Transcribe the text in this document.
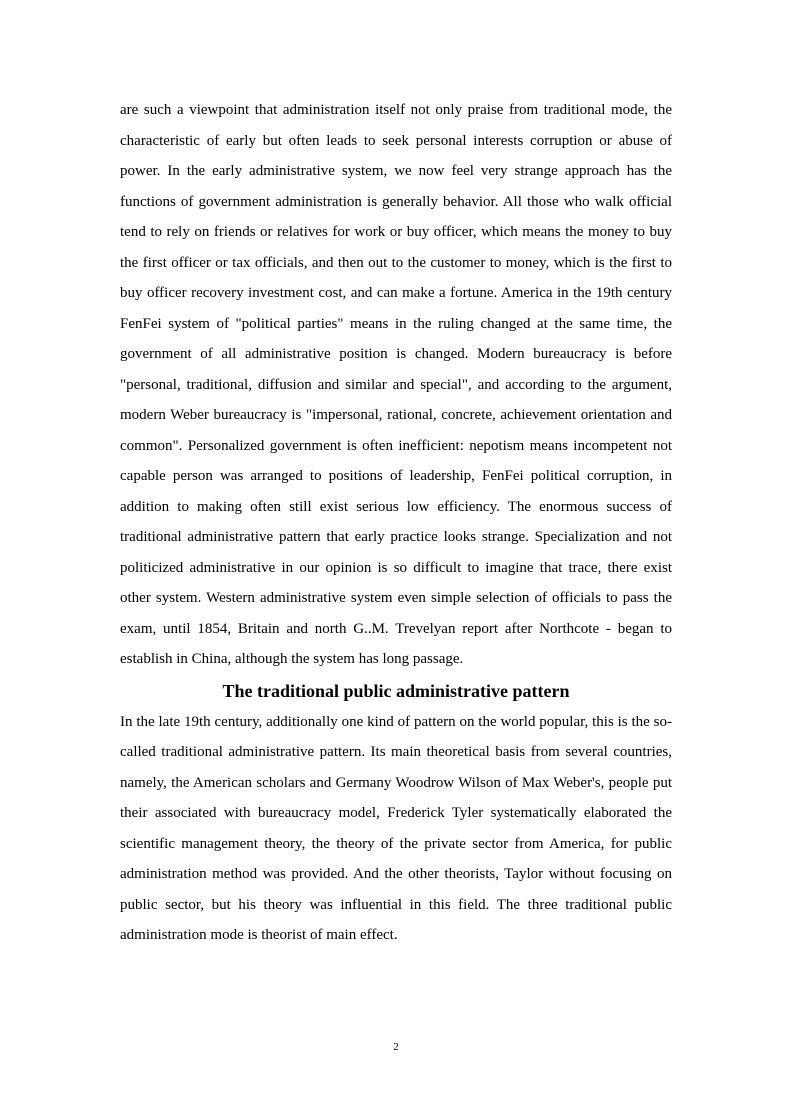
are such a viewpoint that administration itself not only praise from traditional mode, the characteristic of early but often leads to seek personal interests corruption or abuse of power. In the early administrative system, we now feel very strange approach has the functions of government administration is generally behavior. All those who walk official tend to rely on friends or relatives for work or buy officer, which means the money to buy the first officer or tax officials, and then out to the customer to money, which is the first to buy officer recovery investment cost, and can make a fortune. America in the 19th century FenFei system of "political parties" means in the ruling changed at the same time, the government of all administrative position is changed. Modern bureaucracy is before "personal, traditional, diffusion and similar and special", and according to the argument, modern Weber bureaucracy is "impersonal, rational, concrete, achievement orientation and common". Personalized government is often inefficient: nepotism means incompetent not capable person was arranged to positions of leadership, FenFei political corruption, in addition to making often still exist serious low efficiency. The enormous success of traditional administrative pattern that early practice looks strange. Specialization and not politicized administrative in our opinion is so difficult to imagine that trace, there exist other system. Western administrative system even simple selection of officials to pass the exam, until 1854, Britain and north G..M. Trevelyan report after Northcote - began to establish in China, although the system has long passage.

The traditional public administrative pattern

In the late 19th century, additionally one kind of pattern on the world popular, this is the so-called traditional administrative pattern. Its main theoretical basis from several countries, namely, the American scholars and Germany Woodrow Wilson of Max Weber's, people put their associated with bureaucracy model, Frederick Tyler systematically elaborated the scientific management theory, the theory of the private sector from America, for public administration method was provided. And the other theorists, Taylor without focusing on public sector, but his theory was influential in this field. The three traditional public administration mode is theorist of main effect.

2
